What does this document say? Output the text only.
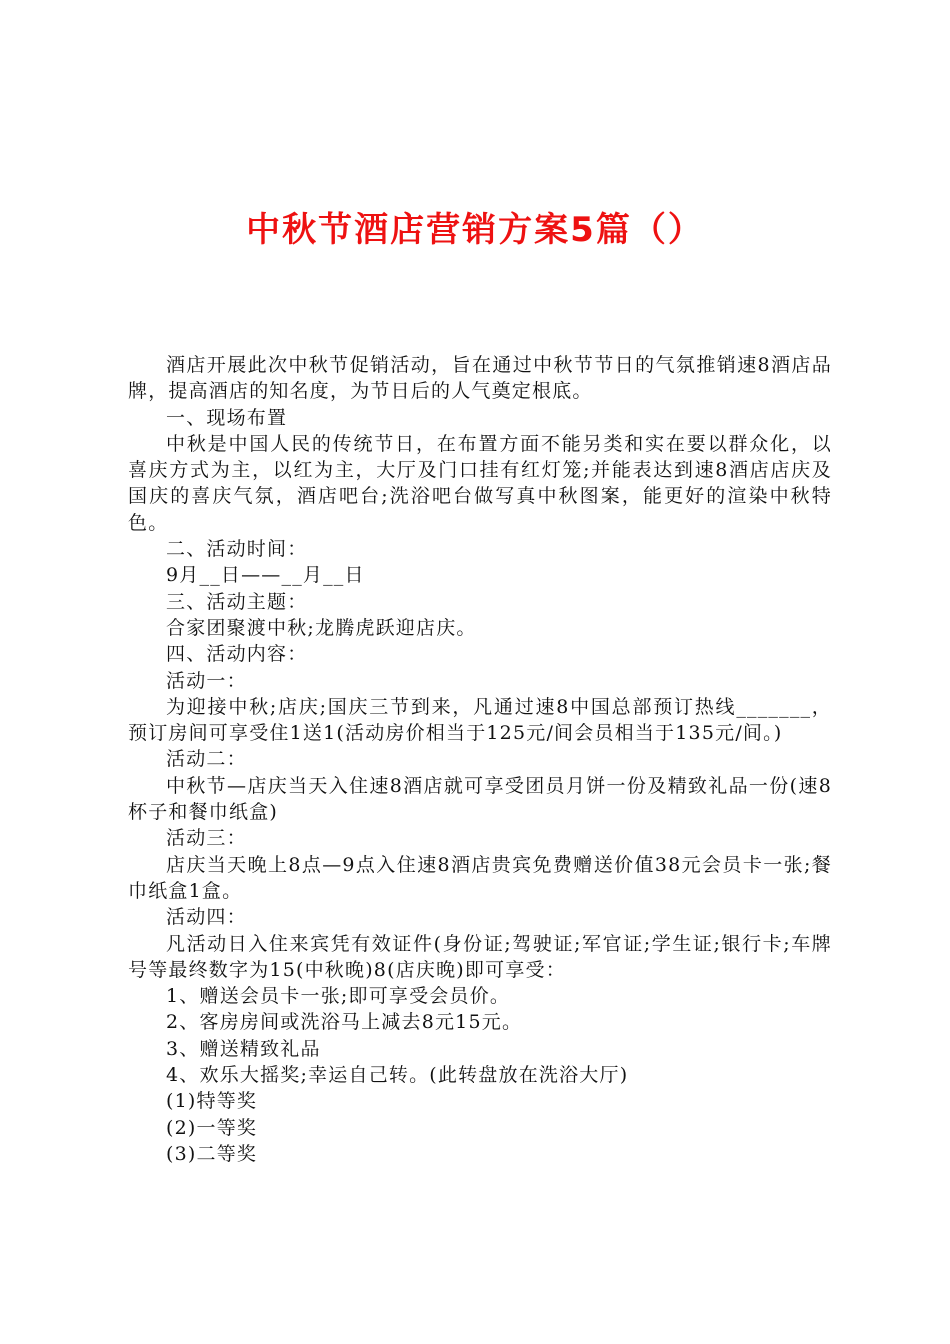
中秋节酒店营销方案5篇（）

酒店开展此次中秋节促销活动，旨在通过中秋节节日的气氛推销速8酒店品牌，提高酒店的知名度，为节日后的人气奠定根底。

一、现场布置

中秋是中国人民的传统节日，在布置方面不能另类和实在要以群众化，以喜庆方式为主，以红为主，大厅及门口挂有红灯笼;并能表达到速8酒店店庆及国庆的喜庆气氛，酒店吧台;洗浴吧台做写真中秋图案，能更好的渲染中秋特色。

二、活动时间：

9月__日——__月__日

三、活动主题：

合家团聚渡中秋;龙腾虎跃迎店庆。

四、活动内容：

活动一：

为迎接中秋;店庆;国庆三节到来，凡通过速8中国总部预订热线_______，预订房间可享受住1送1(活动房价相当于125元/间会员相当于135元/间。)

活动二：

中秋节—店庆当天入住速8酒店就可享受团员月饼一份及精致礼品一份(速8杯子和餐巾纸盒)

活动三：

店庆当天晚上8点—9点入住速8酒店贵宾免费赠送价值38元会员卡一张;餐巾纸盒1盒。

活动四：

凡活动日入住来宾凭有效证件(身份证;驾驶证;军官证;学生证;银行卡;车牌号等最终数字为15(中秋晚)8(店庆晚)即可享受：

1、赠送会员卡一张;即可享受会员价。

2、客房房间或洗浴马上减去8元15元。

3、赠送精致礼品

4、欢乐大摇奖;幸运自己转。(此转盘放在洗浴大厅)

(1)特等奖

(2)一等奖

(3)二等奖
